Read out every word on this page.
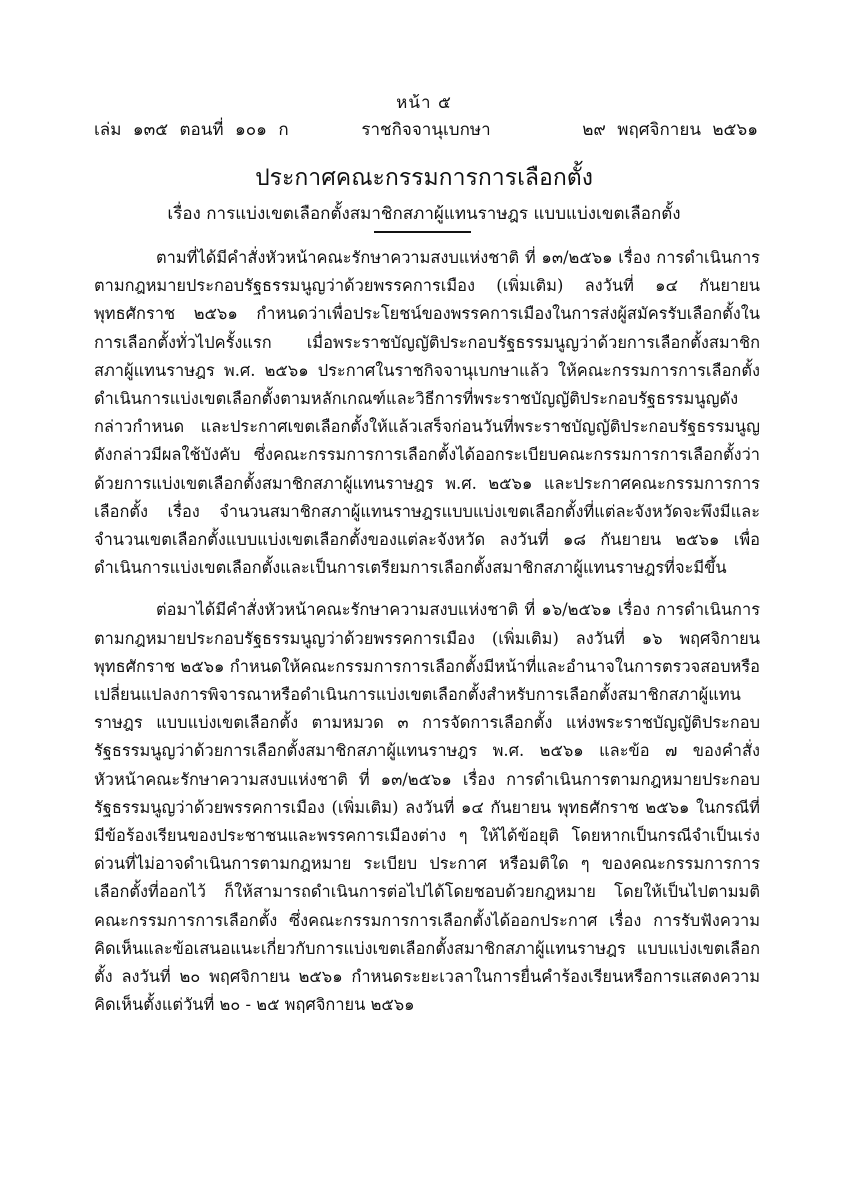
หน้า ๕
ราชกิจจานุเบกษา
เล่ม ๑๓๕ ตอนที่ ๑๐๑ ก	๒๙ พฤศจิกายน ๒๕๖๑
ประกาศคณะกรรมการการเลือกตั้ง
เรื่อง การแบ่งเขตเลือกตั้งสมาชิกสภาผู้แทนราษฎร แบบแบ่งเขตเลือกตั้ง

ตามที่ได้มีคำสั่งหัวหน้าคณะรักษาความสงบแห่งชาติ ที่ ๑๓/๒๕๖๑ เรื่อง การดำเนินการตามกฎหมายประกอบรัฐธรรมนูญว่าด้วยพรรคการเมือง (เพิ่มเติม) ลงวันที่ ๑๔ กันยายน พุทธศักราช ๒๕๖๑ กำหนดว่าเพื่อประโยชน์ของพรรคการเมืองในการส่งผู้สมัครรับเลือกตั้งในการเลือกตั้งทั่วไปครั้งแรก เมื่อพระราชบัญญัติประกอบรัฐธรรมนูญว่าด้วยการเลือกตั้งสมาชิกสภาผู้แทนราษฎร พ.ศ. ๒๕๖๑ ประกาศในราชกิจจานุเบกษาแล้ว ให้คณะกรรมการการเลือกตั้งดำเนินการแบ่งเขตเลือกตั้งตามหลักเกณฑ์และวิธีการที่พระราชบัญญัติประกอบรัฐธรรมนูญดังกล่าวกำหนด และประกาศเขตเลือกตั้งให้แล้วเสร็จก่อนวันที่พระราชบัญญัติประกอบรัฐธรรมนูญดังกล่าวมีผลใช้บังคับ ซึ่งคณะกรรมการการเลือกตั้งได้ออกระเบียบคณะกรรมการการเลือกตั้งว่าด้วยการแบ่งเขตเลือกตั้งสมาชิกสภาผู้แทนราษฎร พ.ศ. ๒๕๖๑ และประกาศคณะกรรมการการเลือกตั้ง เรื่อง จำนวนสมาชิกสภาผู้แทนราษฎรแบบแบ่งเขตเลือกตั้งที่แต่ละจังหวัดจะพึงมีและจำนวนเขตเลือกตั้งแบบแบ่งเขตเลือกตั้งของแต่ละจังหวัด ลงวันที่ ๑๘ กันยายน ๒๕๖๑ เพื่อดำเนินการแบ่งเขตเลือกตั้งและเป็นการเตรียมการเลือกตั้งสมาชิกสภาผู้แทนราษฎรที่จะมีขึ้น

ต่อมาได้มีคำสั่งหัวหน้าคณะรักษาความสงบแห่งชาติ ที่ ๑๖/๒๕๖๑ เรื่อง การดำเนินการตามกฎหมายประกอบรัฐธรรมนูญว่าด้วยพรรคการเมือง (เพิ่มเติม) ลงวันที่ ๑๖ พฤศจิกายน พุทธศักราช ๒๕๖๑ กำหนดให้คณะกรรมการการเลือกตั้งมีหน้าที่และอำนาจในการตรวจสอบหรือเปลี่ยนแปลงการพิจารณาหรือดำเนินการแบ่งเขตเลือกตั้งสำหรับการเลือกตั้งสมาชิกสภาผู้แทนราษฎร แบบแบ่งเขตเลือกตั้ง ตามหมวด ๓ การจัดการเลือกตั้ง แห่งพระราชบัญญัติประกอบรัฐธรรมนูญว่าด้วยการเลือกตั้งสมาชิกสภาผู้แทนราษฎร พ.ศ. ๒๕๖๑ และข้อ ๗ ของคำสั่งหัวหน้าคณะรักษาความสงบแห่งชาติ ที่ ๑๓/๒๕๖๑ เรื่อง การดำเนินการตามกฎหมายประกอบรัฐธรรมนูญว่าด้วยพรรคการเมือง (เพิ่มเติม) ลงวันที่ ๑๔ กันยายน พุทธศักราช ๒๕๖๑ ในกรณีที่มีข้อร้องเรียนของประชาชนและพรรคการเมืองต่าง ๆ ให้ได้ข้อยุติ โดยหากเป็นกรณีจำเป็นเร่งด่วนที่ไม่อาจดำเนินการตามกฎหมาย ระเบียบ ประกาศ หรือมติใด ๆ ของคณะกรรมการการเลือกตั้งที่ออกไว้ ก็ให้สามารถดำเนินการต่อไปได้โดยชอบด้วยกฎหมาย โดยให้เป็นไปตามมติคณะกรรมการการเลือกตั้ง ซึ่งคณะกรรมการการเลือกตั้งได้ออกประกาศ เรื่อง การรับฟังความคิดเห็นและข้อเสนอแนะเกี่ยวกับการแบ่งเขตเลือกตั้งสมาชิกสภาผู้แทนราษฎร แบบแบ่งเขตเลือกตั้ง ลงวันที่ ๒๐ พฤศจิกายน ๒๕๖๑ กำหนดระยะเวลาในการยื่นคำร้องเรียนหรือการแสดงความคิดเห็นตั้งแต่วันที่ ๒๐ - ๒๕ พฤศจิกายน ๒๕๖๑
